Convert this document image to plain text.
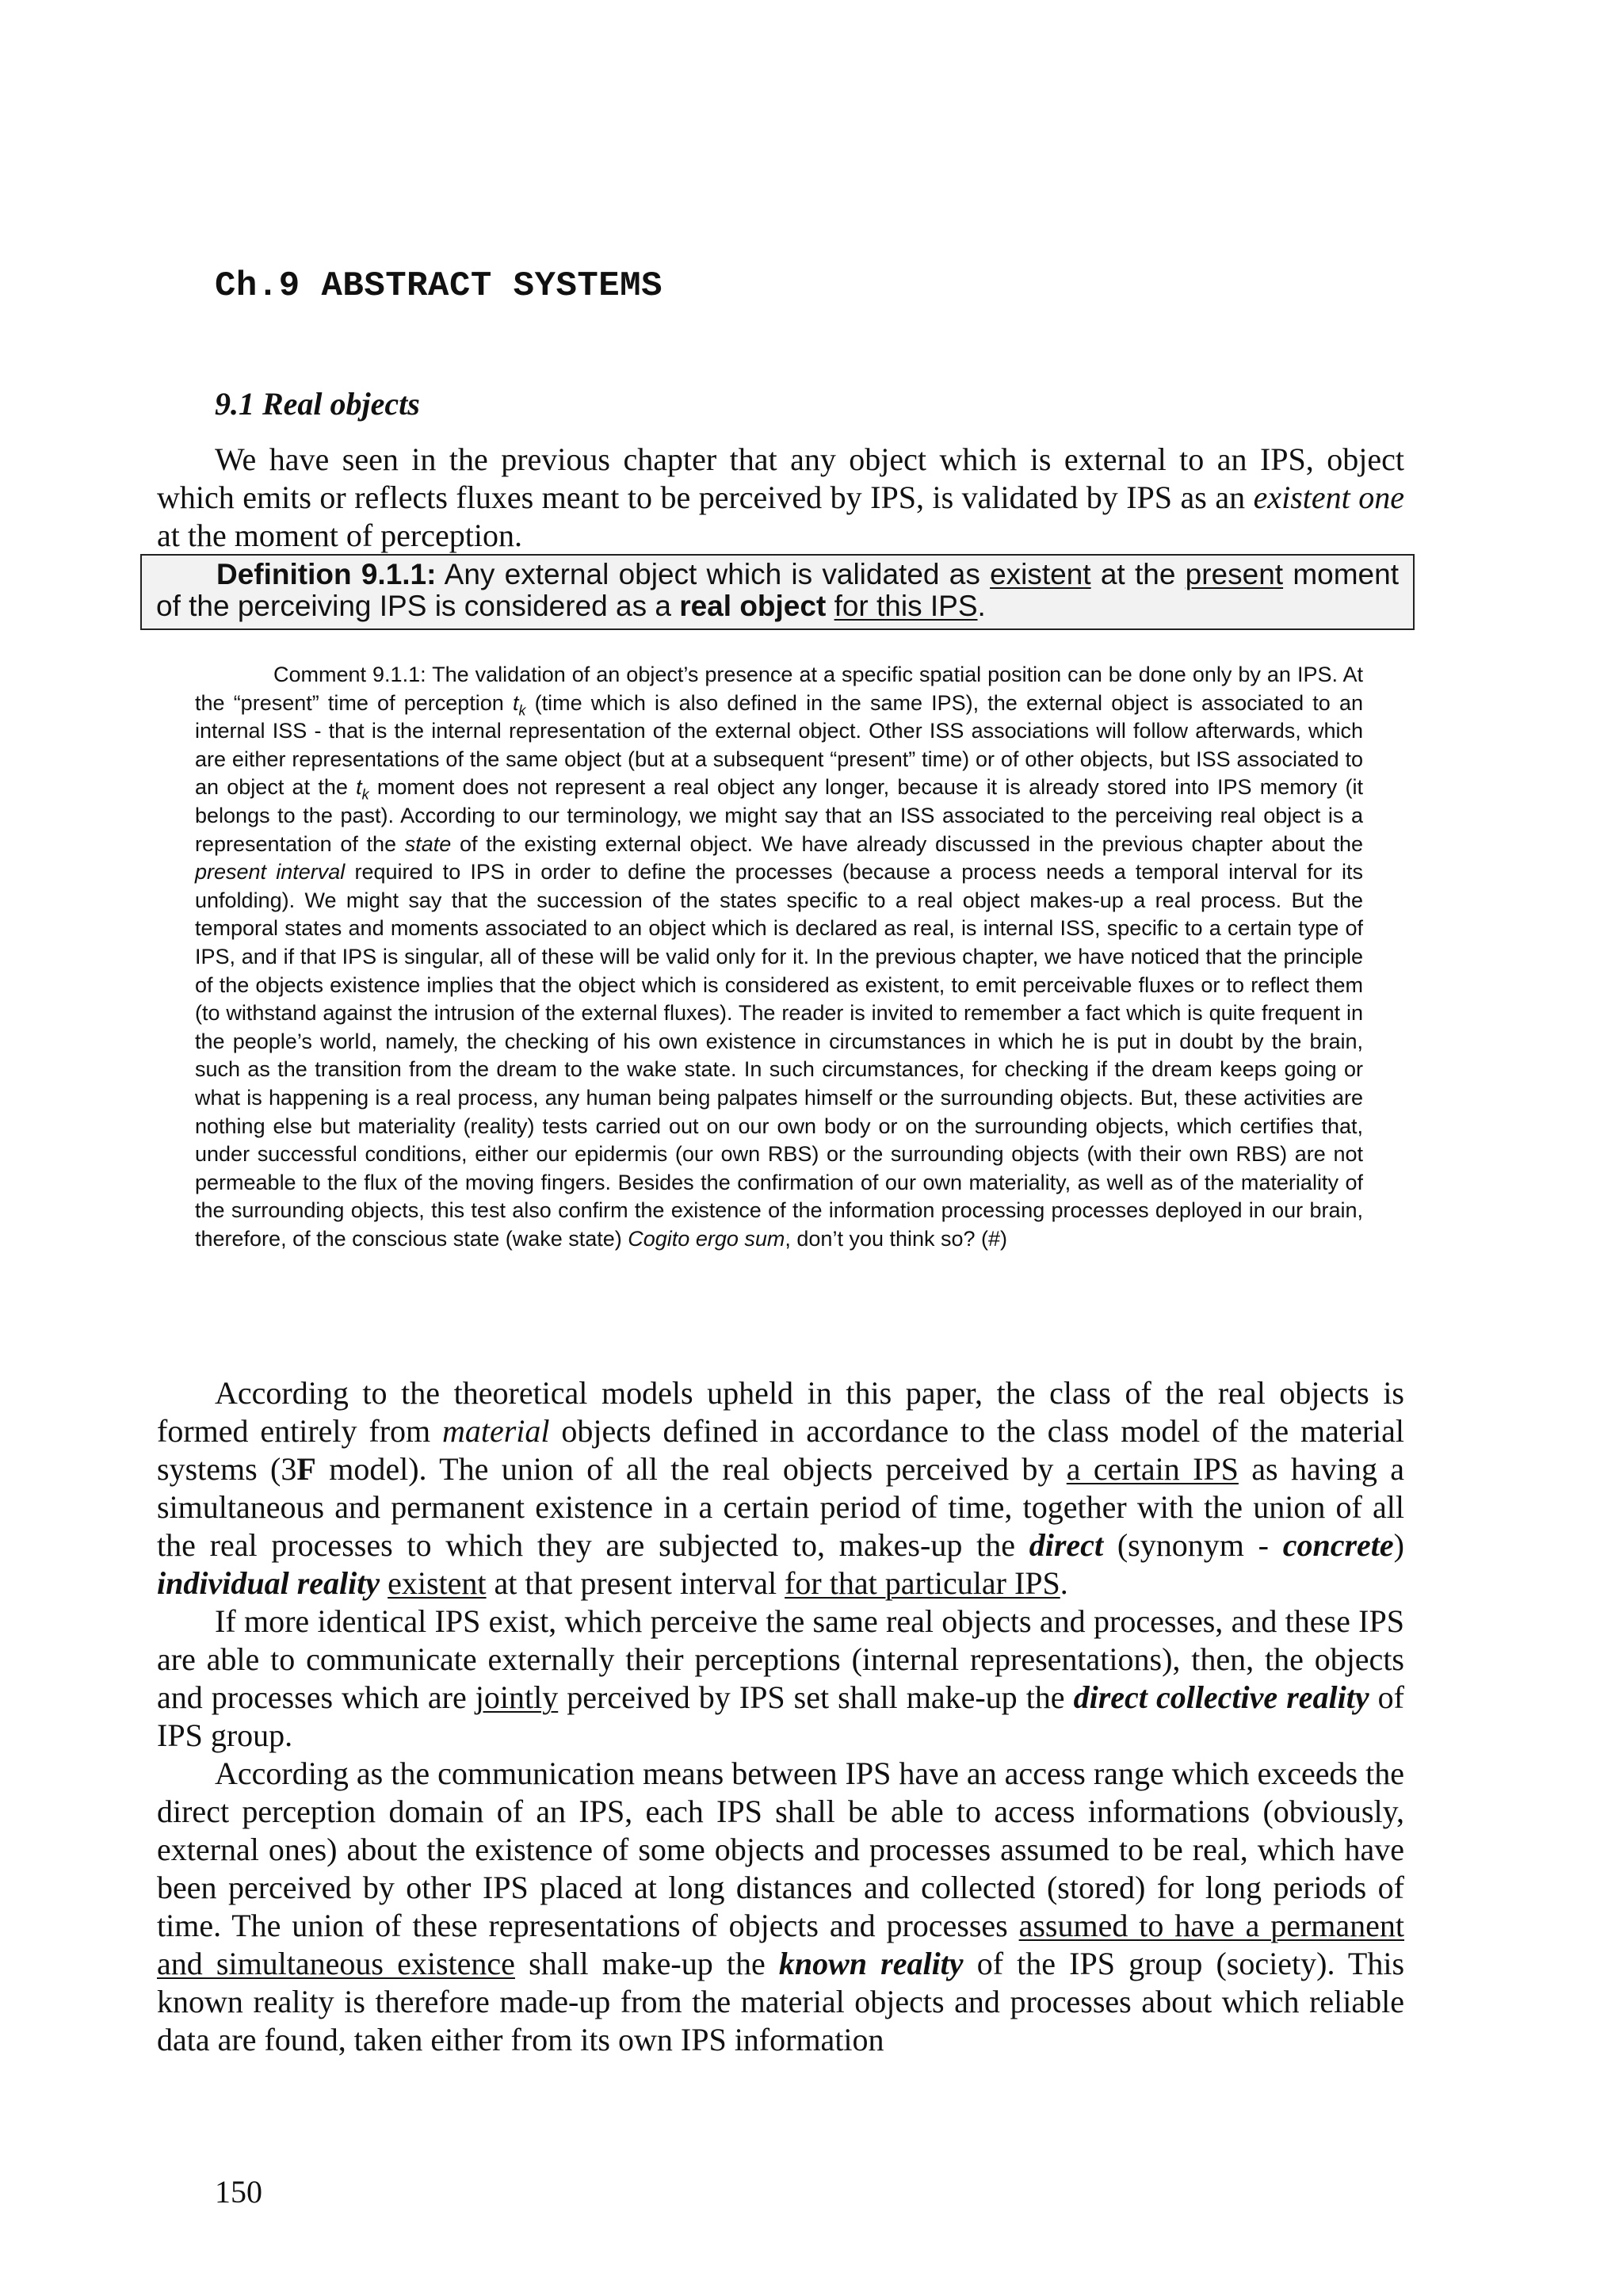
Ch.9 ABSTRACT SYSTEMS
9.1 Real objects

We have seen in the previous chapter that any object which is external to an IPS, object which emits or reflects fluxes meant to be perceived by IPS, is validated by IPS as an existent one at the moment of perception.

Definition 9.1.1: Any external object which is validated as existent at the present moment of the perceiving IPS is considered as a real object for this IPS.

Comment 9.1.1: The validation of an object’s presence at a specific spatial position can be done only by an IPS. At the “present” time of perception $t_k$ (time which is also defined in the same IPS), the external object is associated to an internal ISS - that is the internal representation of the external object. Other ISS associations will follow afterwards, which are either representations of the same object (but at a subsequent “present” time) or of other objects, but ISS associated to an object at the $t_k$ moment does not represent a real object any longer, because it is already stored into IPS memory (it belongs to the past). According to our terminology, we might say that an ISS associated to the perceiving real object is a representation of the state of the existing external object. We have already discussed in the previous chapter about the present interval required to IPS in order to define the processes (because a process needs a temporal interval for its unfolding). We might say that the succession of the states specific to a real object makes-up a real process. But the temporal states and moments associated to an object which is declared as real, is internal ISS, specific to a certain type of IPS, and if that IPS is singular, all of these will be valid only for it. In the previous chapter, we have noticed that the principle of the objects existence implies that the object which is considered as existent, to emit perceivable fluxes or to reflect them (to withstand against the intrusion of the external fluxes). The reader is invited to remember a fact which is quite frequent in the people’s world, namely, the checking of his own existence in circumstances in which he is put in doubt by the brain, such as the transition from the dream to the wake state. In such circumstances, for checking if the dream keeps going or what is happening is a real process, any human being palpates himself or the surrounding objects. But, these activities are nothing else but materiality (reality) tests carried out on our own body or on the surrounding objects, which certifies that, under successful conditions, either our epidermis (our own RBS) or the surrounding objects (with their own RBS) are not permeable to the flux of the moving fingers. Besides the confirmation of our own materiality, as well as of the materiality of the surrounding objects, this test also confirm the existence of the information processing processes deployed in our brain, therefore, of the conscious state (wake state) Cogito ergo sum, don’t you think so? (#)

According to the theoretical models upheld in this paper, the class of the real objects is formed entirely from material objects defined in accordance to the class model of the material systems (3F model). The union of all the real objects perceived by a certain IPS as having a simultaneous and permanent existence in a certain period of time, together with the union of all the real processes to which they are subjected to, makes-up the direct (synonym - concrete) individual reality existent at that present interval for that particular IPS.

If more identical IPS exist, which perceive the same real objects and processes, and these IPS are able to communicate externally their perceptions (internal representations), then, the objects and processes which are jointly perceived by IPS set shall make-up the direct collective reality of IPS group.

According as the communication means between IPS have an access range which exceeds the direct perception domain of an IPS, each IPS shall be able to access informations (obviously, external ones) about the existence of some objects and processes assumed to be real, which have been perceived by other IPS placed at long distances and collected (stored) for long periods of time. The union of these representations of objects and processes assumed to have a permanent and simultaneous existence shall make-up the known reality of the IPS group (society). This known reality is therefore made-up from the material objects and processes about which reliable data are found, taken either from its own IPS information

150
